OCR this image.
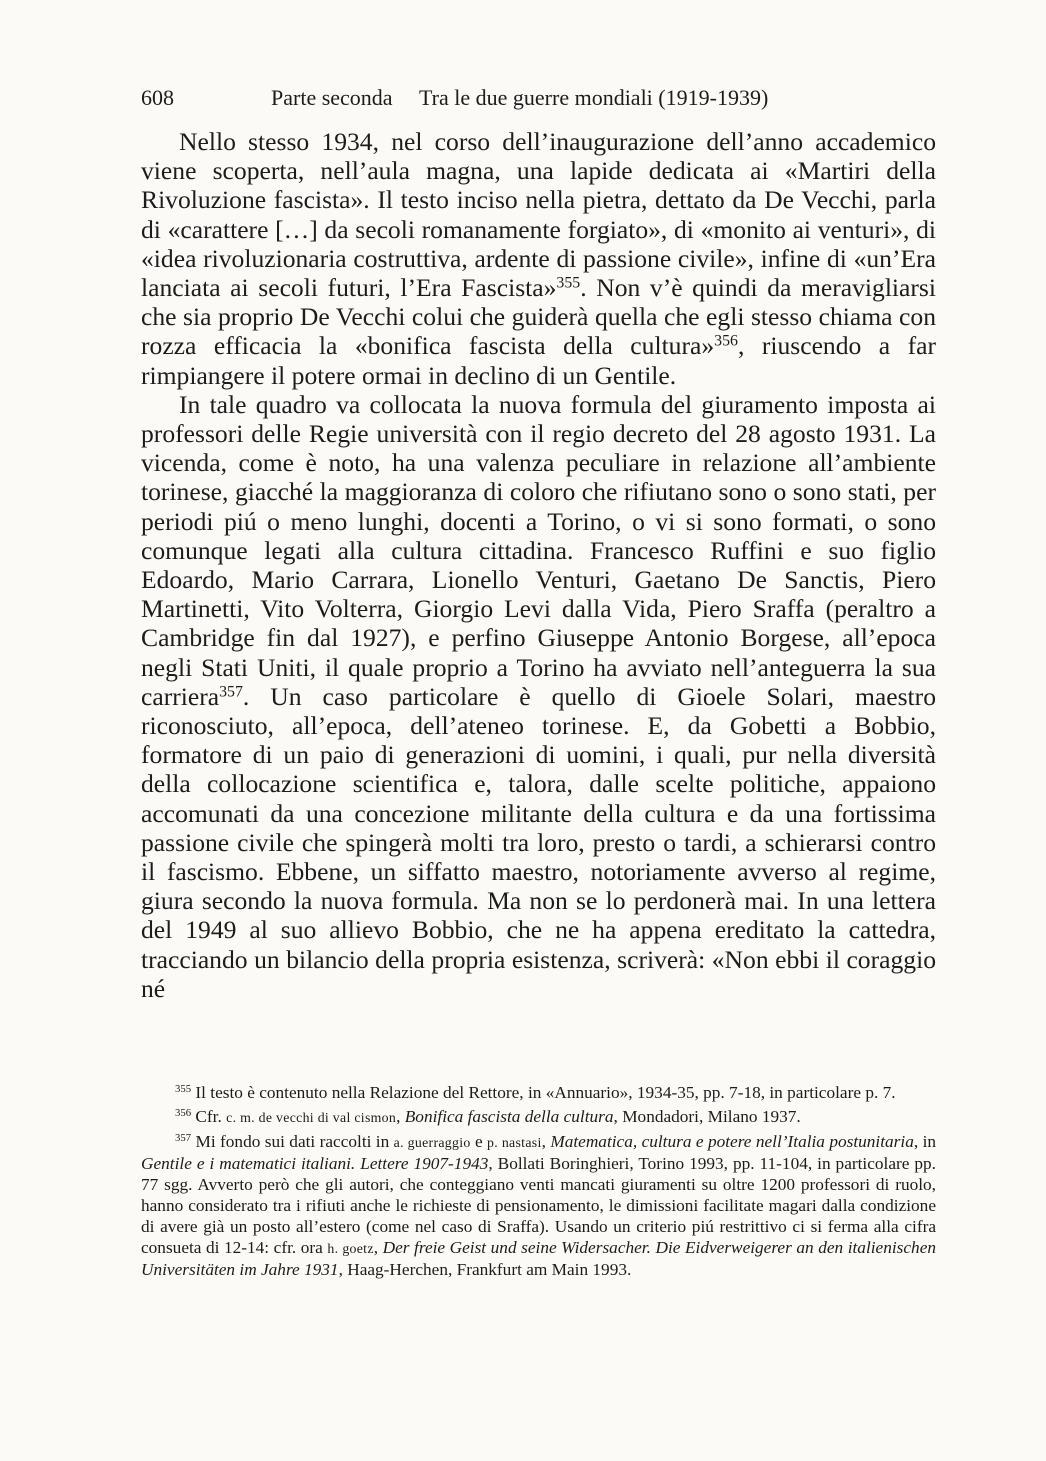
608	Parte seconda Tra le due guerre mondiali (1919-1939)

Nello stesso 1934, nel corso dell’inaugurazione dell’anno accademico viene scoperta, nell’aula magna, una lapide dedicata ai «Martiri della Rivoluzione fascista». Il testo inciso nella pietra, dettato da De Vecchi, parla di «carattere […] da secoli romanamente forgiato», di «monito ai venturi», di «idea rivoluzionaria costruttiva, ardente di passione civile», infine di «un’Era lanciata ai secoli futuri, l’Era Fascista»$^{355}$. Non v’è quindi da meravigliarsi che sia proprio De Vecchi colui che guiderà quella che egli stesso chiama con rozza efficacia la «bonifica fascista della cultura»$^{356}$, riuscendo a far rimpiangere il potere ormai in declino di un Gentile.

In tale quadro va collocata la nuova formula del giuramento imposta ai professori delle Regie università con il regio decreto del 28 agosto 1931. La vicenda, come è noto, ha una valenza peculiare in relazione all’ambiente torinese, giacché la maggioranza di coloro che rifiutano sono o sono stati, per periodi piú o meno lunghi, docenti a Torino, o vi si sono formati, o sono comunque legati alla cultura cittadina. Francesco Ruffini e suo figlio Edoardo, Mario Carrara, Lionello Venturi, Gaetano De Sanctis, Piero Martinetti, Vito Volterra, Giorgio Levi dalla Vida, Piero Sraffa (peraltro a Cambridge fin dal 1927), e perfino Giuseppe Antonio Borgese, all’epoca negli Stati Uniti, il quale proprio a Torino ha avviato nell’anteguerra la sua carriera$^{357}$. Un caso particolare è quello di Gioele Solari, maestro riconosciuto, all’epoca, dell’ateneo torinese. E, da Gobetti a Bobbio, formatore di un paio di generazioni di uomini, i quali, pur nella diversità della collocazione scientifica e, talora, dalle scelte politiche, appaiono accomunati da una concezione militante della cultura e da una fortissima passione civile che spingerà molti tra loro, presto o tardi, a schierarsi contro il fascismo. Ebbene, un siffatto maestro, notoriamente avverso al regime, giura secondo la nuova formula. Ma non se lo perdonerà mai. In una lettera del 1949 al suo allievo Bobbio, che ne ha appena ereditato la cattedra, tracciando un bilancio della propria esistenza, scriverà: «Non ebbi il coraggio né

$^{355}$ Il testo è contenuto nella Relazione del Rettore, in «Annuario», 1934-35, pp. 7-18, in particolare p. 7.

$^{356}$ Cfr. c. m. de vecchi di val cismon, Bonifica fascista della cultura, Mondadori, Milano 1937.

$^{357}$ Mi fondo sui dati raccolti in a. guerraggio e p. nastasi, Matematica, cultura e potere nell’Italia postunitaria, in Gentile e i matematici italiani. Lettere 1907-1943, Bollati Boringhieri, Torino 1993, pp. 11-104, in particolare pp. 77 sgg. Avverto però che gli autori, che conteggiano venti mancati giuramenti su oltre 1200 professori di ruolo, hanno considerato tra i rifiuti anche le richieste di pensionamento, le dimissioni facilitate magari dalla condizione di avere già un posto all’estero (come nel caso di Sraffa). Usando un criterio piú restrittivo ci si ferma alla cifra consueta di 12-14: cfr. ora h. goetz, Der freie Geist und seine Widersacher. Die Eidverweigerer an den italienischen Universitäten im Jahre 1931, Haag-Herchen, Frankfurt am Main 1993.
